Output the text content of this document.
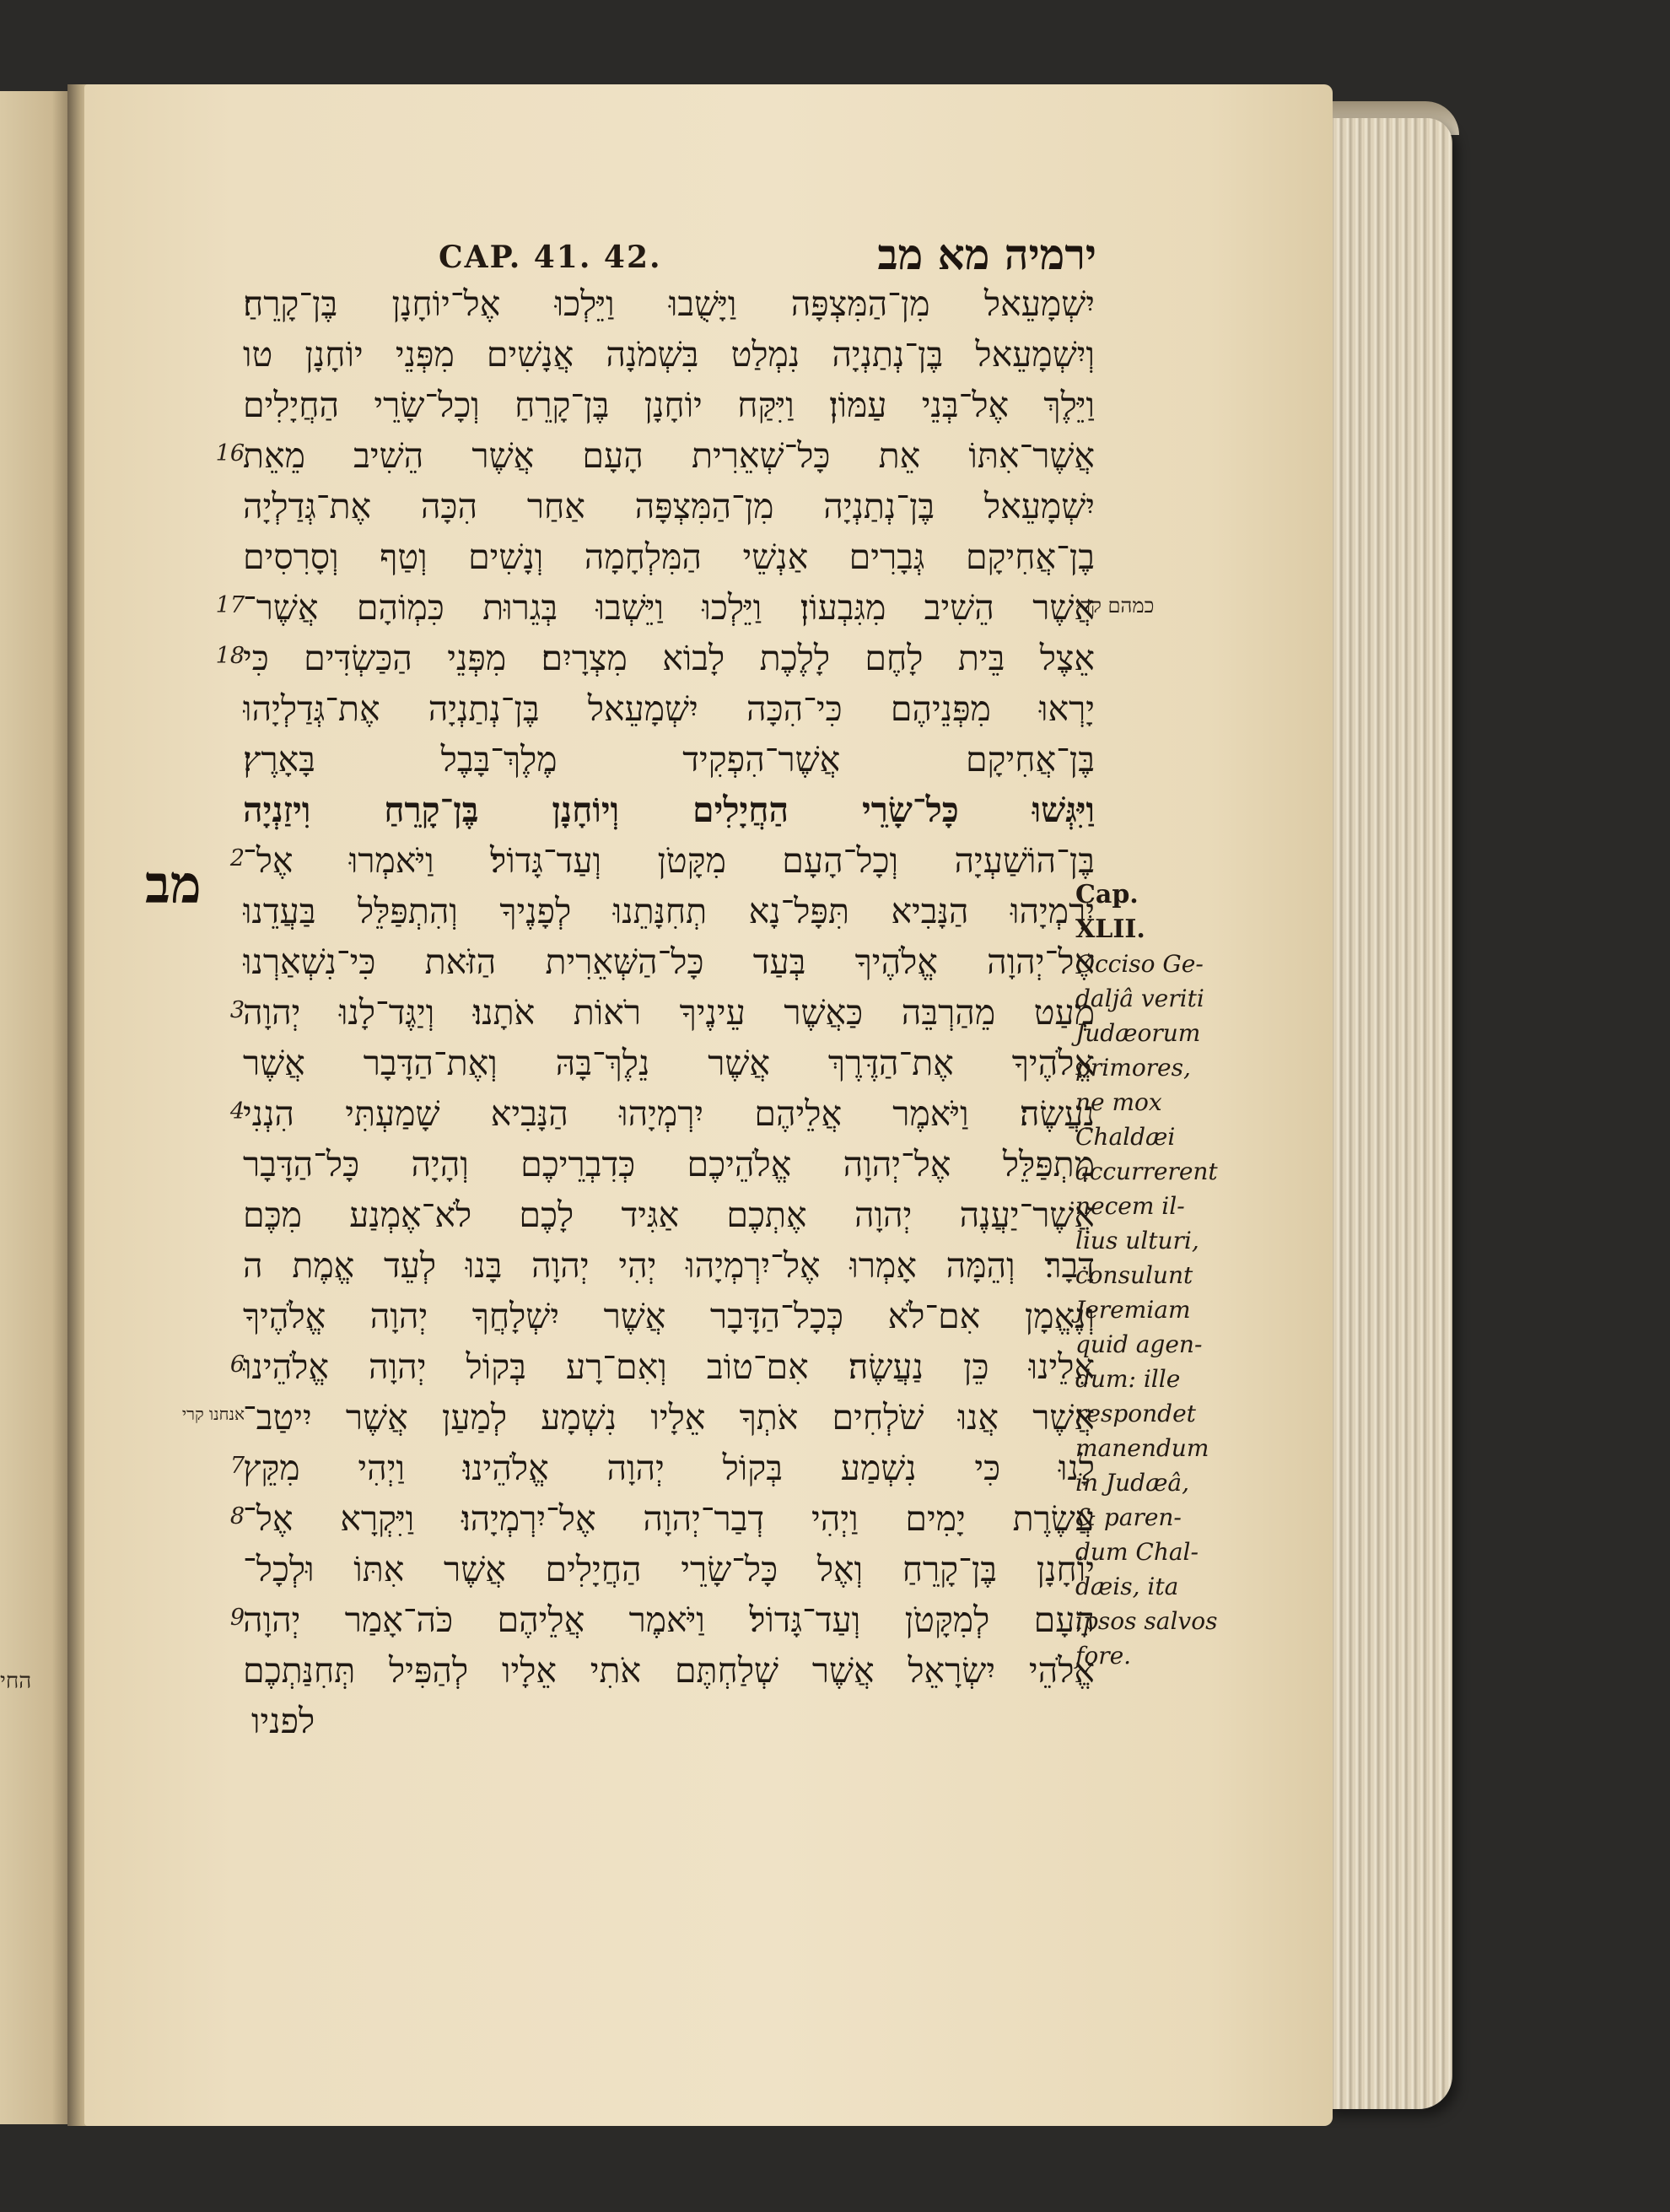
החי
CAP. 41. 42.	ירמיה מא מב
מב
יִשְׁמָעֵאל מִן־הַמִּצְפָּה וַיָּשֻׁבוּ וַיֵּלְכוּ אֶל־יוֹחָנָן בֶּן־קָרֵחַ׃
וְיִשְׁמָעֵאל בֶּן־נְתַנְיָה נִמְלַט בִּשְׁמֹנָה אֲנָשִׁים מִפְּנֵי יוֹחָנָן טו
וַיֵּלֶךְ אֶל־בְּנֵי עַמּוֹן׃ וַיִּקַּח יוֹחָנָן בֶּן־קָרֵחַ וְכָל־שָׂרֵי הַחֲיָלִים
אֲשֶׁר־אִתּוֹ אֵת כָּל־שְׁאֵרִית הָעָם אֲשֶׁר הֵשִׁיב מֵאֵת
יִשְׁמָעֵאל בֶּן־נְתַנְיָה מִן־הַמִּצְפָּה אַחַר הִכָּה אֶת־גְּדַלְיָה
בֶן־אֲחִיקָם גְּבָרִים אַנְשֵׁי הַמִּלְחָמָה וְנָשִׁים וְטַף וְסָרִסִים
אֲשֶׁר הֵשִׁיב מִגִּבְעוֹן׃ וַיֵּלְכוּ וַיֵּשְׁבוּ בְּגֵרוּת כִּמְוֹהָם אֲשֶׁר־
אֵצֶל בֵּית לָחֶם לָלֶכֶת לָבוֹא מִצְרָיִם׃ מִפְּנֵי הַכַּשְׂדִּים כִּי
יָרְאוּ מִפְּנֵיהֶם כִּי־הִכָּה יִשְׁמָעֵאל בֶּן־נְתַנְיָה אֶת־גְּדַלְיָהוּ
בֶּן־אֲחִיקָם אֲשֶׁר־הִפְקִיד מֶלֶךְ־בָּבֶל בָּאָרֶץ׃
וַיִּגְּשׁוּ כָּל־שָׂרֵי הַחֲיָלִים וְיוֹחָנָן בֶּן־קָרֵחַ וִיזַנְיָה
בֶּן־הוֹשַׁעְיָה וְכָל־הָעָם מִקָּטֹן וְעַד־גָּדוֹל׃ וַיֹּאמְרוּ אֶל־
יִרְמְיָהוּ הַנָּבִיא תִּפָּל־נָא תְחִנָּתֵנוּ לְפָנֶיךָ וְהִתְפַּלֵּל בַּעֲדֵנוּ
אֶל־יְהוָה אֱלֹהֶיךָ בְּעַד כָּל־הַשְּׁאֵרִית הַזֹּאת כִּי־נִשְׁאַרְנוּ
מְעַט מֵהַרְבֵּה כַּאֲשֶׁר עֵינֶיךָ רֹאוֹת אֹתָנוּ׃ וְיַגֶּד־לָנוּ יְהוָה
אֱלֹהֶיךָ אֶת־הַדֶּרֶךְ אֲשֶׁר נֵלֶךְ־בָּהּ וְאֶת־הַדָּבָר אֲשֶׁר
נַעֲשֶׂה׃ וַיֹּאמֶר אֲלֵיהֶם יִרְמְיָהוּ הַנָּבִיא שָׁמַעְתִּי הִנְנִי
מִתְפַּלֵּל אֶל־יְהוָה אֱלֹהֵיכֶם כְּדִבְרֵיכֶם וְהָיָה כָּל־הַדָּבָר
אֲשֶׁר־יַעֲנֶה יְהוָה אֶתְכֶם אַגִּיד לָכֶם לֹא־אֶמְנַע מִכֶּם
דָּבָר׃ וְהֵמָּה אָמְרוּ אֶל־יִרְמְיָהוּ יְהִי יְהוָה בָּנוּ לְעֵד אֱמֶת ה
וְנֶאֱמָן אִם־לֹא כְּכָל־הַדָּבָר אֲשֶׁר יִשְׁלָחֲךָ יְהוָה אֱלֹהֶיךָ
אֵלֵינוּ כֵּן נַעֲשֶׂה׃ אִם־טוֹב וְאִם־רָע בְּקוֹל יְהוָה אֱלֹהֵינוּ
אֲשֶׁר אֲנוּ שֹׁלְחִים אֹתְךָ אֵלָיו נִשְׁמָע לְמַעַן אֲשֶׁר יִיטַב־
לָנוּ כִּי נִשְׁמַע בְּקוֹל יְהוָה אֱלֹהֵינוּ׃ וַיְהִי מִקֵּץ
עֲשֶׂרֶת יָמִים וַיְהִי דְבַר־יְהוָה אֶל־יִרְמְיָהוּ׃ וַיִּקְרָא אֶל־
יוֹחָנָן בֶּן־קָרֵחַ וְאֶל כָּל־שָׂרֵי הַחֲיָלִים אֲשֶׁר אִתּוֹ וּלְכָל־
הָעָם לְמִקָּטֹן וְעַד־גָּדוֹל׃ וַיֹּאמֶר אֲלֵיהֶם כֹּה־אָמַר יְהוָה
אֱלֹהֵי יִשְׂרָאֵל אֲשֶׁר שְׁלַחְתֶּם אֹתִי אֵלָיו לְהַפִּיל תְּחִנַּתְכֶם
לפניו
16
17
18
2
3
4
6
7
8
9
כמהם קרי
אנחנו קרי
Cap. XLII.
Occiso Ge-
daljâ veriti
Judæorum
primores,
ne mox
Chaldæi
accurrerent
necem il-
lius ulturi,
consulunt
Jeremiam
quid agen-
dum: ille
respondet
manendum
in Judæâ,
& paren-
dum Chal-
dæis, ita
ipsos salvos
fore.
